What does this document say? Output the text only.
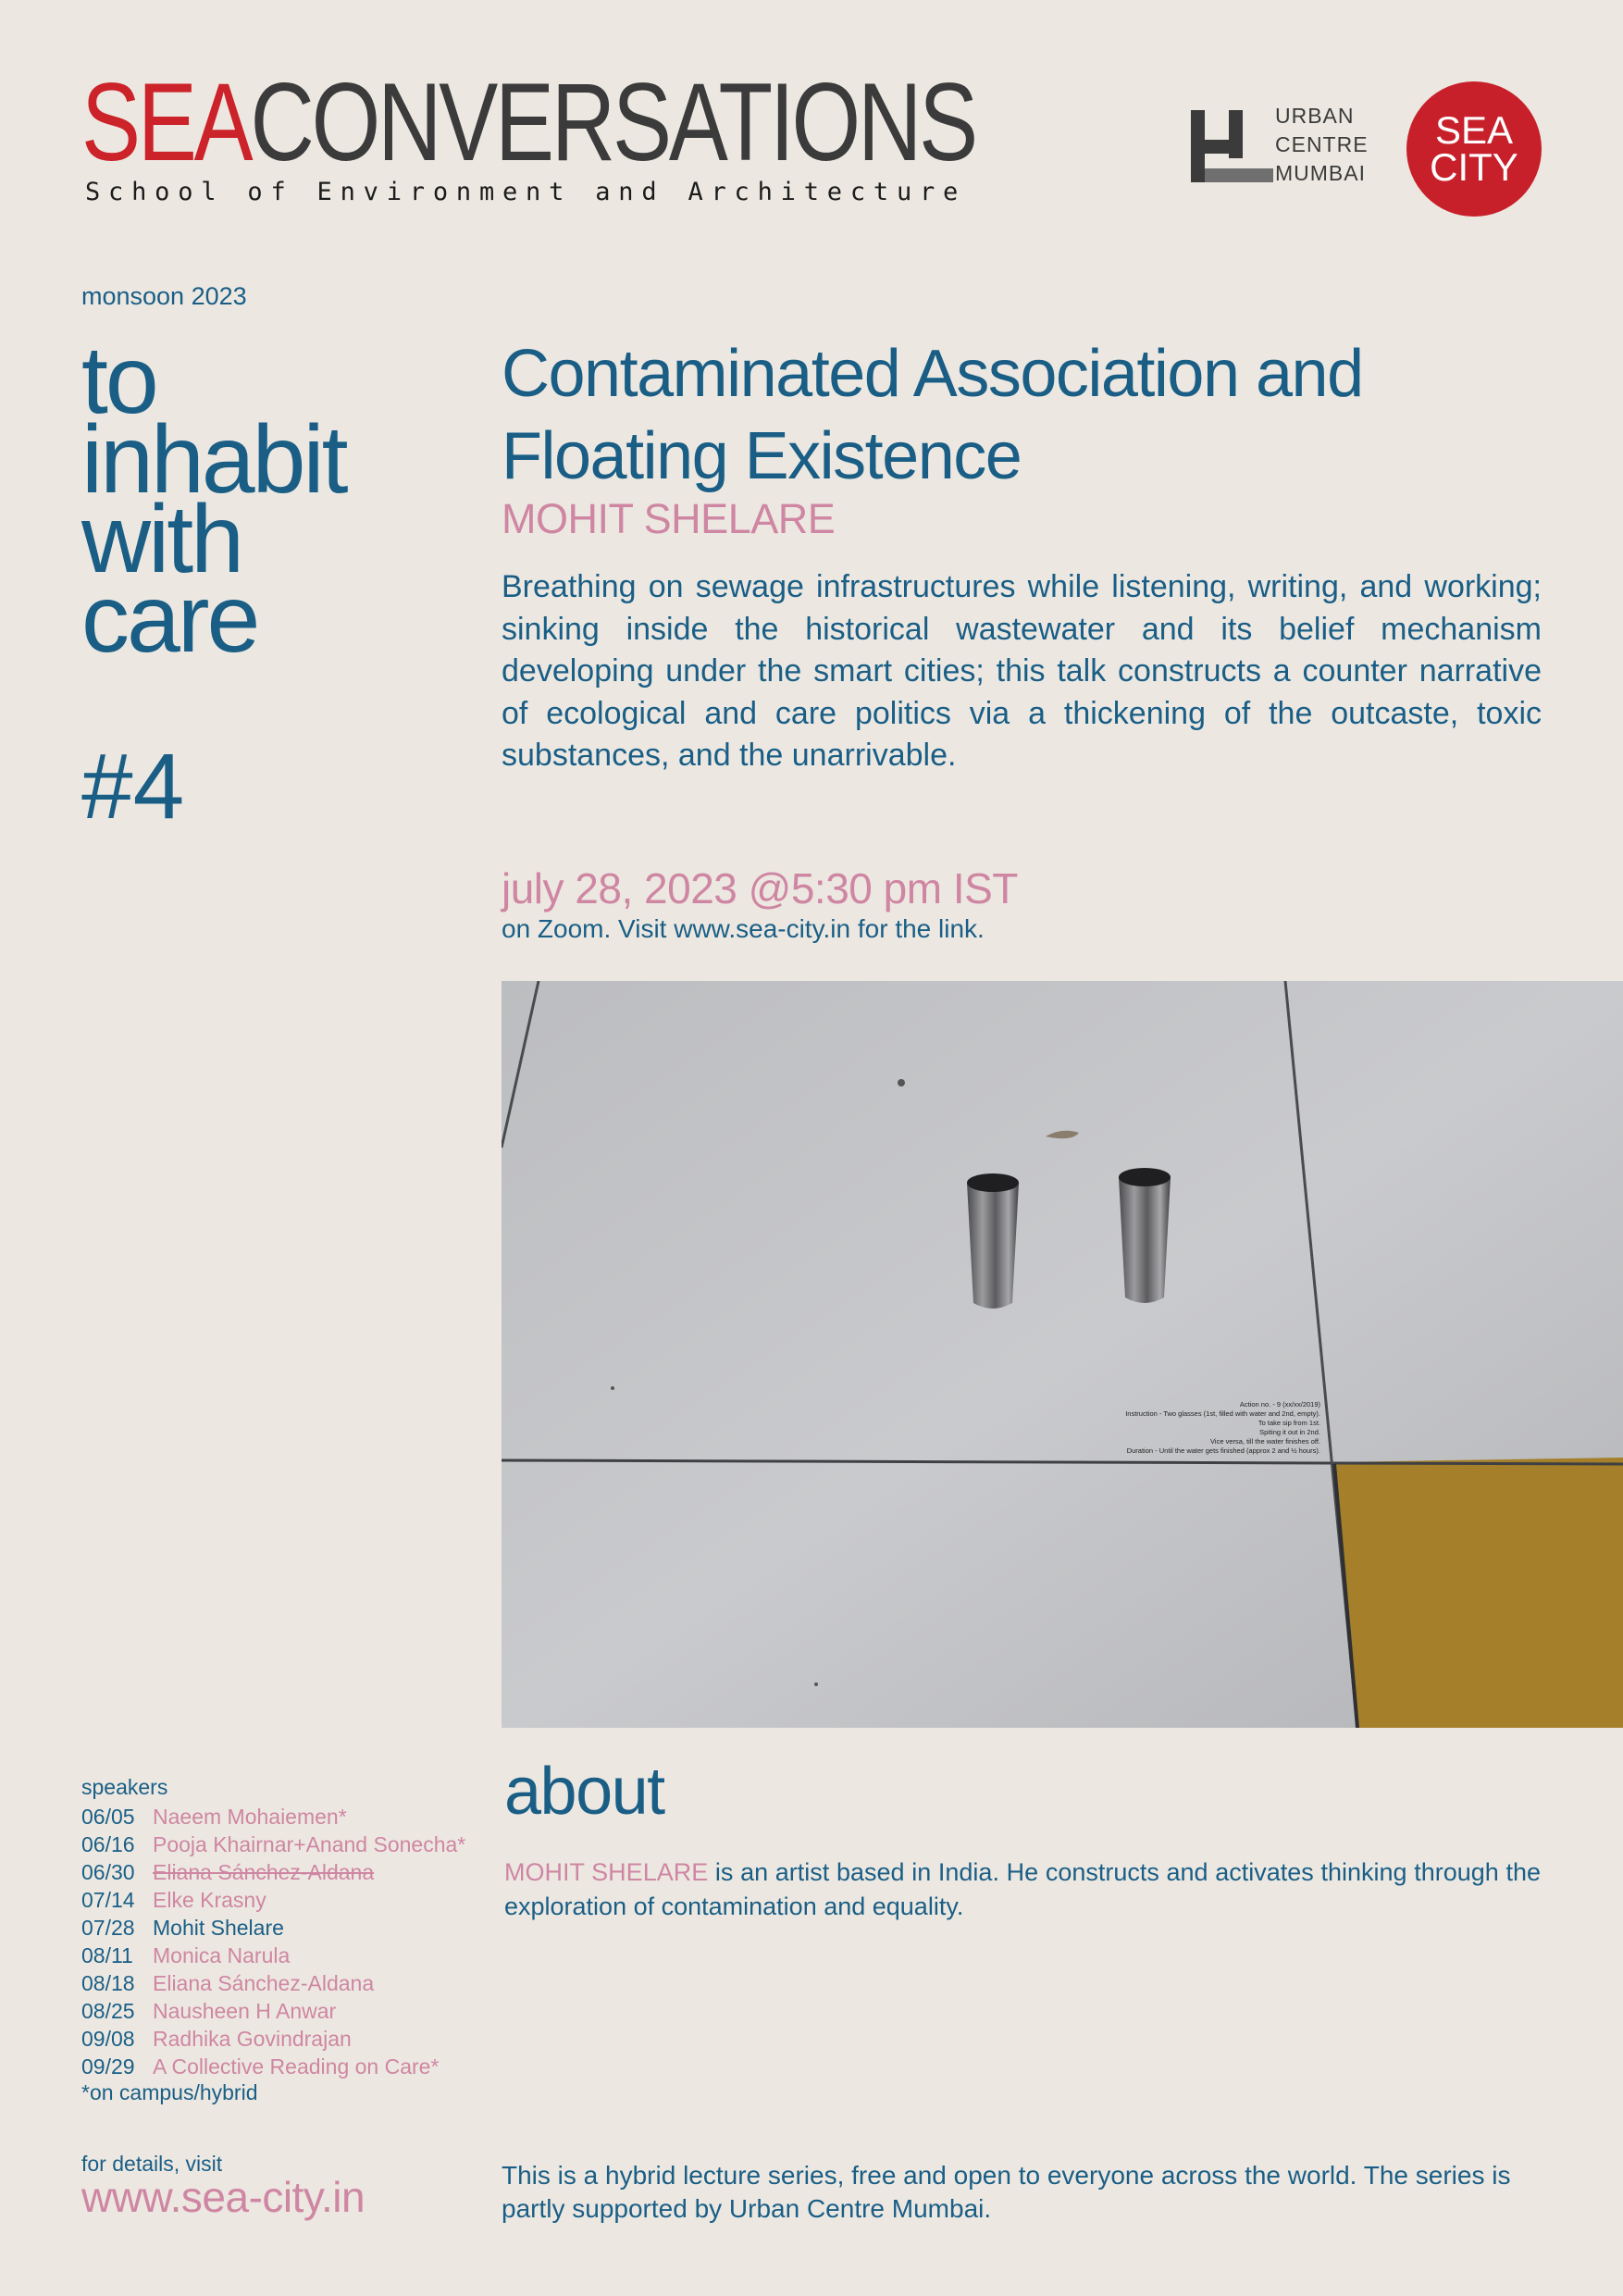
SEACONVERSATIONS
School of Environment and Architecture
URBAN
CENTRE
MUMBAI
SEA
CITY
monsoon 2023
to
inhabit
with
care
#4
Contaminated Association and
Floating Existence
MOHIT SHELARE
Breathing on sewage infrastructures while listening, writing, and working; sinking inside the historical wastewater and its belief mechanism developing under the smart cities; this talk constructs a counter narrative of ecological and care politics via a thickening of the outcaste, toxic substances, and the unarrivable.
july 28, 2023 @5:30 pm IST
on Zoom. Visit www.sea-city.in for the link.
Action no. - 9 (xx/xx/2019)
Instruction - Two glasses (1st, filled with water and 2nd, empty).
To take sip from 1st.
Spiting it out in 2nd.
Vice versa, till the water finishes off.
Duration - Until the water gets finished (approx 2 and ½ hours).
about
MOHIT SHELARE is an artist based in India. He constructs and activates thinking through the exploration of contamination and equality.
speakers
06/05 Naeem Mohaiemen*
06/16 Pooja Khairnar+Anand Sonecha*
06/30 Eliana Sánchez-Aldana
07/14 Elke Krasny
07/28 Mohit Shelare
08/11 Monica Narula
08/18 Eliana Sánchez-Aldana
08/25 Nausheen H Anwar
09/08 Radhika Govindrajan
09/29 A Collective Reading on Care*
*on campus/hybrid
for details, visit
www.sea-city.in	This is a hybrid lecture series, free and open to everyone across the world. The series is partly supported by Urban Centre Mumbai.
